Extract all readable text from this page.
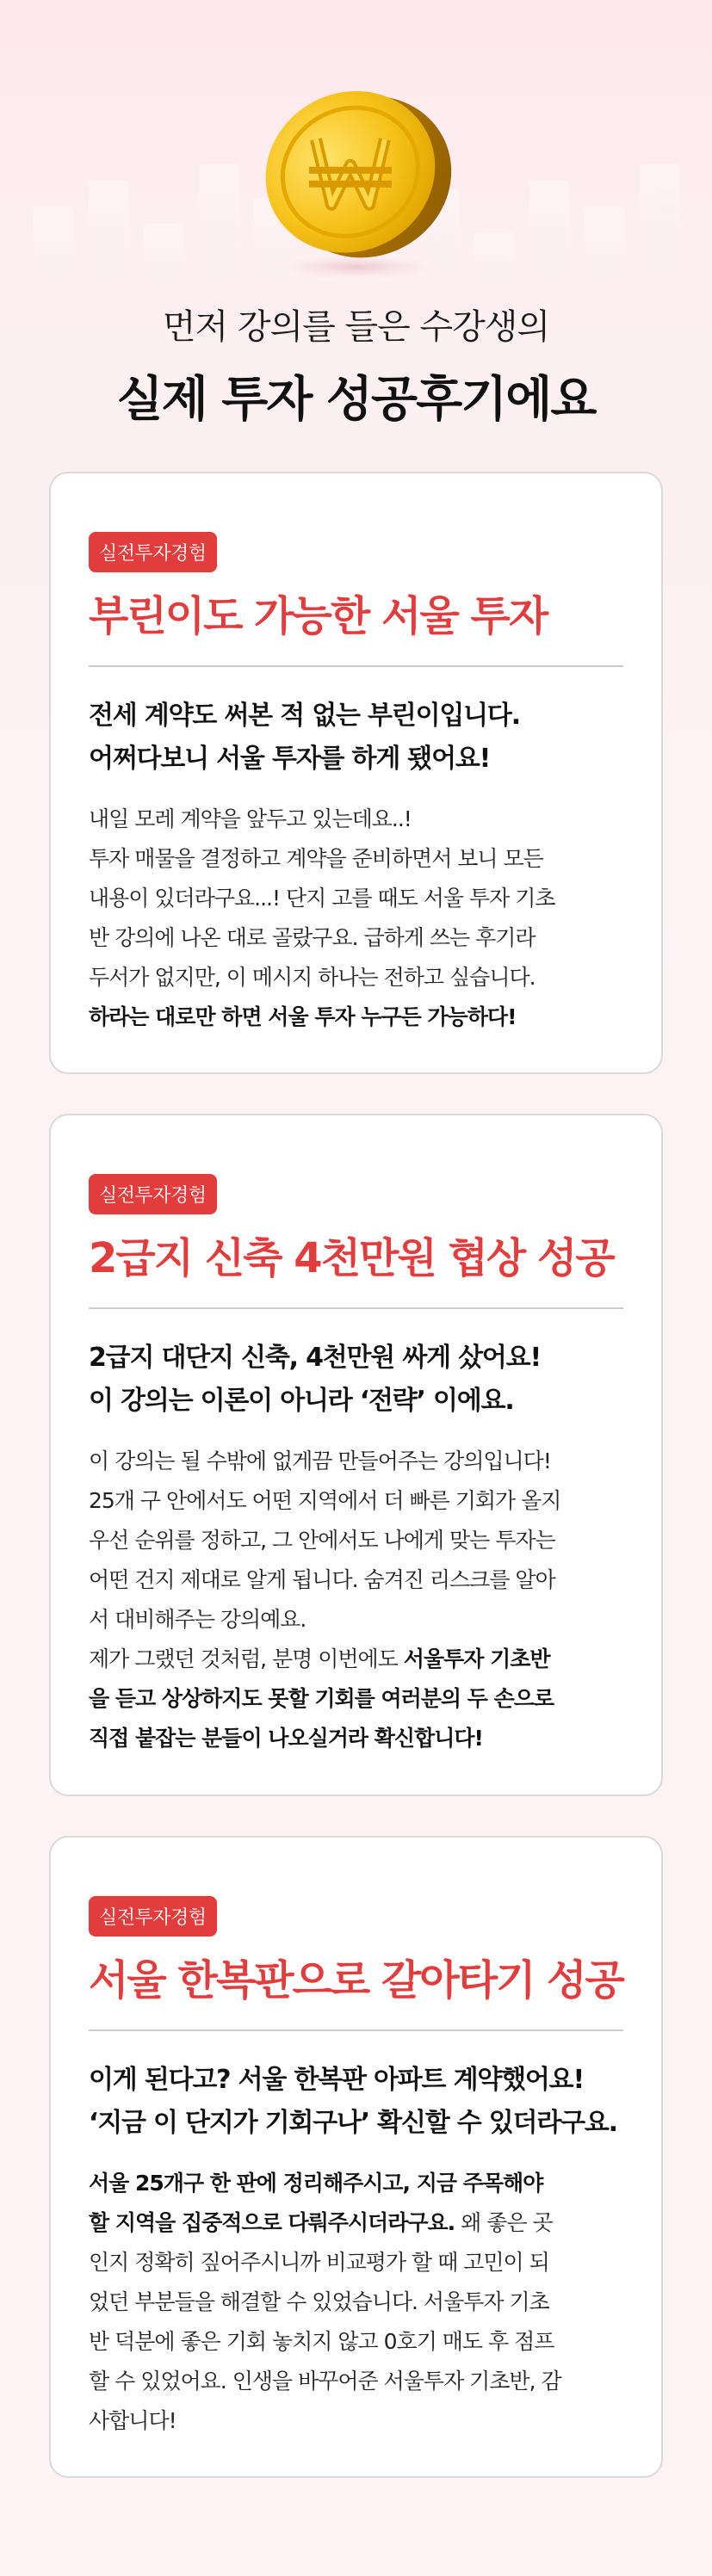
먼저 강의를 들은 수강생의
실제 투자 성공후기에요
실전투자경험
부린이도 가능한 서울 투자
전세 계약도 써본 적 없는 부린이입니다.
어쩌다보니 서울 투자를 하게 됐어요!
내일 모레 계약을 앞두고 있는데요..!
투자 매물을 결정하고 계약을 준비하면서 보니 모든
내용이 있더라구요...! 단지 고를 때도 서울 투자 기초
반 강의에 나온 대로 골랐구요. 급하게 쓰는 후기라
두서가 없지만, 이 메시지 하나는 전하고 싶습니다.
하라는 대로만 하면 서울 투자 누구든 가능하다!
실전투자경험
2급지 신축 4천만원 협상 성공
2급지 대단지 신축, 4천만원 싸게 샀어요!
이 강의는 이론이 아니라 ‘전략’ 이에요.
이 강의는 될 수밖에 없게끔 만들어주는 강의입니다!
25개 구 안에서도 어떤 지역에서 더 빠른 기회가 올지
우선 순위를 정하고, 그 안에서도 나에게 맞는 투자는
어떤 건지 제대로 알게 됩니다. 숨겨진 리스크를 알아
서 대비해주는 강의예요.
제가 그랬던 것처럼, 분명 이번에도 서울투자 기초반
을 듣고 상상하지도 못할 기회를 여러분의 두 손으로
직접 붙잡는 분들이 나오실거라 확신합니다!
실전투자경험
서울 한복판으로 갈아타기 성공
이게 된다고? 서울 한복판 아파트 계약했어요!
‘지금 이 단지가 기회구나’ 확신할 수 있더라구요.
서울 25개구 한 판에 정리해주시고, 지금 주목해야
할 지역을 집중적으로 다뤄주시더라구요. 왜 좋은 곳
인지 정확히 짚어주시니까 비교평가 할 때 고민이 되
었던 부분들을 해결할 수 있었습니다. 서울투자 기초
반 덕분에 좋은 기회 놓치지 않고 0호기 매도 후 점프
할 수 있었어요. 인생을 바꾸어준 서울투자 기초반, 감
사합니다!
